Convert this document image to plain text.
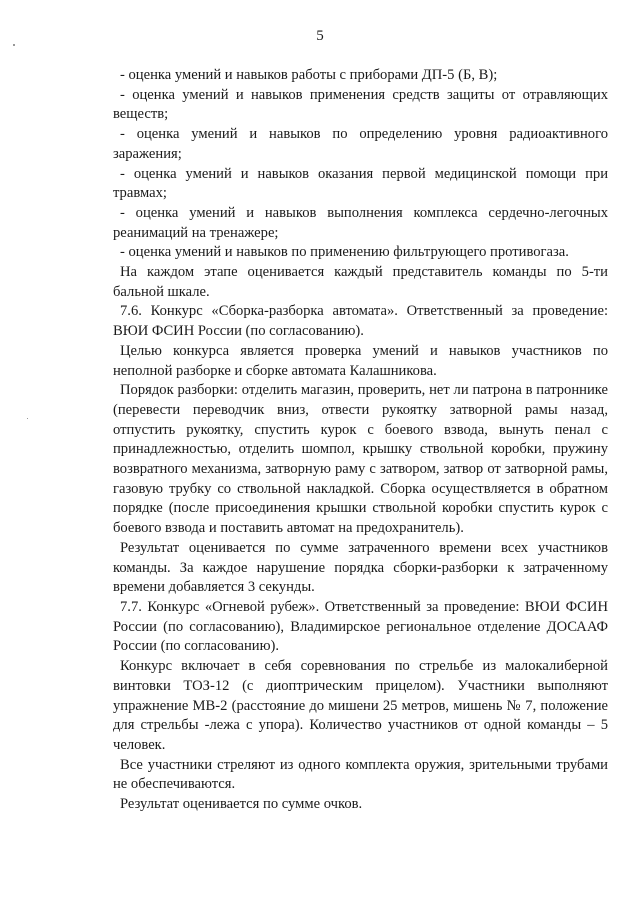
5

- оценка умений и навыков работы с приборами ДП-5 (Б, В);

- оценка умений и навыков применения средств защиты от отравляющих веществ;

- оценка умений и навыков по определению уровня радиоактивного заражения;

- оценка умений и навыков оказания первой медицинской помощи при травмах;

- оценка умений и навыков выполнения комплекса сердечно-легочных реанимаций на тренажере;

- оценка умений и навыков по применению фильтрующего противогаза.

На каждом этапе оценивается каждый представитель команды по 5-ти бальной шкале.

7.6. Конкурс «Сборка-разборка автомата». Ответственный за проведение: ВЮИ ФСИН России (по согласованию).

Целью конкурса является проверка умений и навыков участников по неполной разборке и сборке автомата Калашникова.

Порядок разборки: отделить магазин, проверить, нет ли патрона в патроннике (перевести переводчик вниз, отвести рукоятку затворной рамы назад, отпустить рукоятку, спустить курок с боевого взвода, вынуть пенал с принадлежностью, отделить шомпол, крышку ствольной коробки, пружину возвратного механизма, затворную раму с затвором, затвор от затворной рамы, газовую трубку со ствольной накладкой. Сборка осуществляется в обратном порядке (после присоединения крышки ствольной коробки спустить курок с боевого взвода и поставить автомат на предохранитель).

Результат оценивается по сумме затраченного времени всех участников команды. За каждое нарушение порядка сборки-разборки к затраченному времени добавляется 3 секунды.

7.7. Конкурс «Огневой рубеж». Ответственный за проведение: ВЮИ ФСИН России (по согласованию), Владимирское региональное отделение ДОСААФ России (по согласованию).

Конкурс включает в себя соревнования по стрельбе из малокалиберной винтовки ТОЗ-12 (с диоптрическим прицелом). Участники выполняют упражнение МВ-2 (расстояние до мишени 25 метров, мишень № 7, положение для стрельбы -лежа с упора). Количество участников от одной команды – 5 человек.

Все участники стреляют из одного комплекта оружия, зрительными трубами не обеспечиваются.

Результат оценивается по сумме очков.
